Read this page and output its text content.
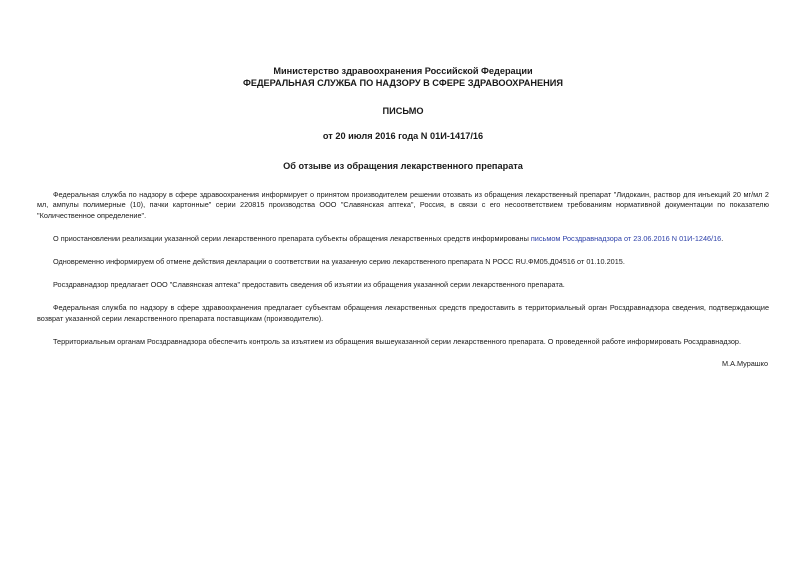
Министерство здравоохранения Российской Федерации
ФЕДЕРАЛЬНАЯ СЛУЖБА ПО НАДЗОРУ В СФЕРЕ ЗДРАВООХРАНЕНИЯ
ПИСЬМО
от 20 июля 2016 года N 01И-1417/16
Об отзыве из обращения лекарственного препарата

Федеральная служба по надзору в сфере здравоохранения информирует о принятом производителем решении отозвать из обращения лекарственный препарат "Лидокаин, раствор для инъекций 20 мг/мл 2 мл, ампулы полимерные (10), пачки картонные" серии 220815 производства ООО "Славянская аптека", Россия, в связи с его несоответствием требованиям нормативной документации по показателю "Количественное определение".

О приостановлении реализации указанной серии лекарственного препарата субъекты обращения лекарственных средств информированы письмом Росздравнадзора от 23.06.2016 N 01И-1246/16.

Одновременно информируем об отмене действия декларации о соответствии на указанную серию лекарственного препарата N РОСС RU.ФМ05.Д04516 от 01.10.2015.

Росздравнадзор предлагает ООО "Славянская аптека" предоставить сведения об изъятии из обращения указанной серии лекарственного препарата.

Федеральная служба по надзору в сфере здравоохранения предлагает субъектам обращения лекарственных средств предоставить в территориальный орган Росздравнадзора сведения, подтверждающие возврат указанной серии лекарственного препарата поставщикам (производителю).

Территориальным органам Росздравнадзора обеспечить контроль за изъятием из обращения вышеуказанной серии лекарственного препарата. О проведенной работе информировать Росздравнадзор.

М.А.Мурашко
